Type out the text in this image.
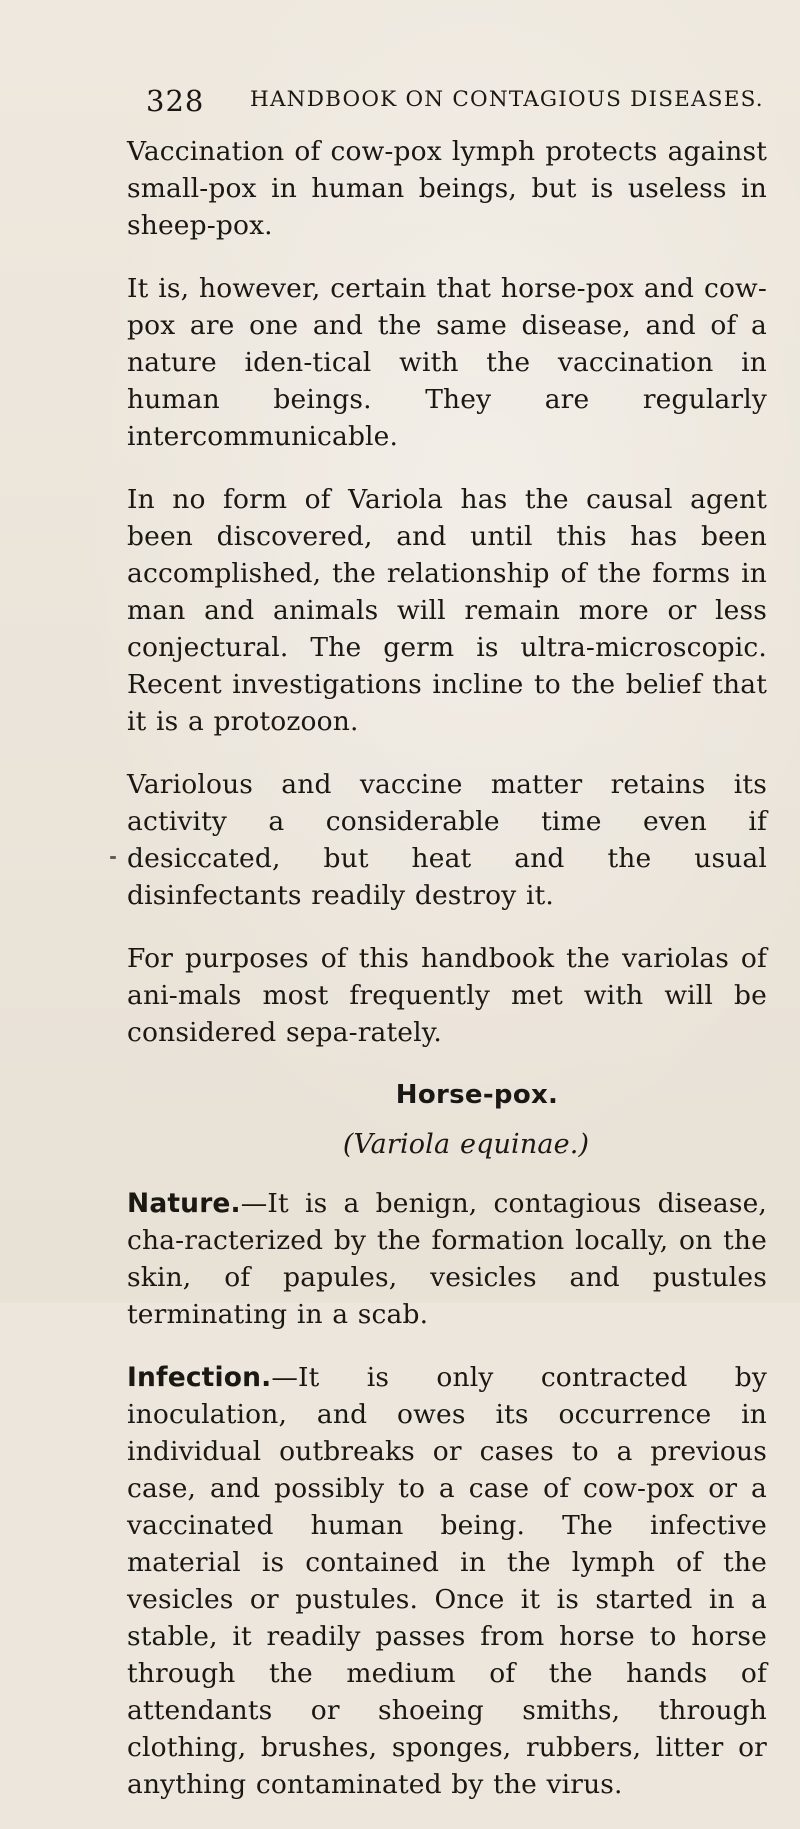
328 HANDBOOK ON CONTAGIOUS DISEASES.

Vaccination of cow-pox lymph protects against small-pox in human beings, but is useless in sheep-pox.

It is, however, certain that horse-pox and cow-pox are one and the same disease, and of a nature iden-tical with the vaccination in human beings. They are regularly intercommunicable.

In no form of Variola has the causal agent been discovered, and until this has been accomplished, the relationship of the forms in man and animals will remain more or less conjectural. The germ is ultra-microscopic. Recent investigations incline to the belief that it is a protozoon.

Variolous and vaccine matter retains its activity a considerable time even if desiccated, but heat and the usual disinfectants readily destroy it.

For purposes of this handbook the variolas of ani-mals most frequently met with will be considered sepa-rately.

Horse-pox.
(Variola equinae.)

Nature.—It is a benign, contagious disease, cha-racterized by the formation locally, on the skin, of papules, vesicles and pustules terminating in a scab.

Infection.—It is only contracted by inoculation, and owes its occurrence in individual outbreaks or cases to a previous case, and possibly to a case of cow-pox or a vaccinated human being. The infective material is contained in the lymph of the vesicles or pustules. Once it is started in a stable, it readily passes from horse to horse through the medium of the hands of attendants or shoeing smiths, through clothing, brushes, sponges, rubbers, litter or anything contaminated by the virus.
